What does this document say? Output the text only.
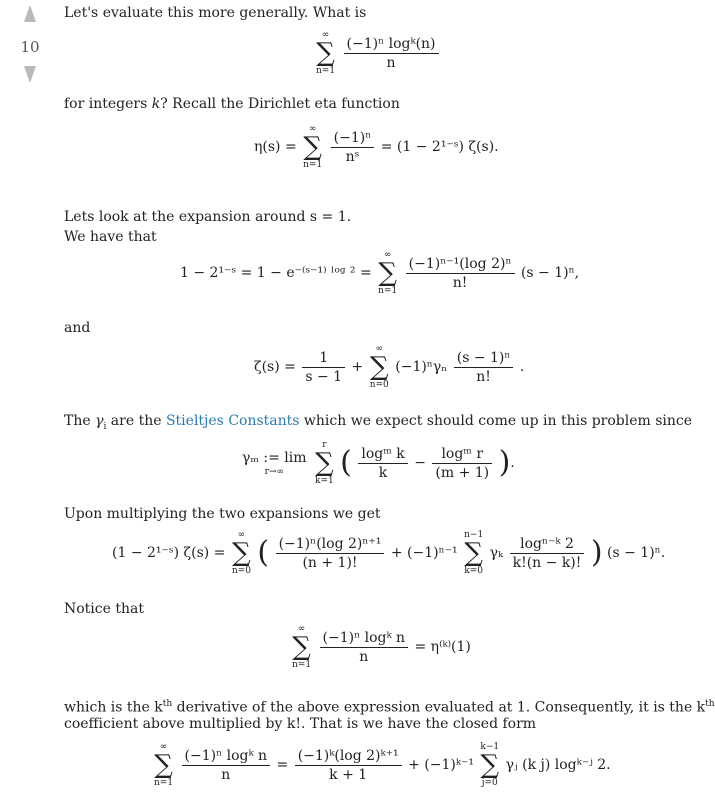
10
Let's evaluate this more generally. What is
∞
∑
n=1
$\frac{\text{(−1)ⁿ logᵏ(n)}}{n}$
for integers k? Recall the Dirichlet eta function
η(s) =
∞
∑
n=1
$\frac{\text{(−1)ⁿ}}{\text{nˢ}} = (1$ − 2¹⁻ˢ) ζ(s).
Lets look at the expansion around s = 1.
We have that
1 − 2¹⁻ˢ = 1 − e⁻⁽ˢ⁻¹⁾ ˡᵒᵍ ² =
∞
∑
n=1
$\frac{\text{(−1)ⁿ⁻¹(log 2)ⁿ}}{n!} (s - 1)^n$,
and
$\zeta(s) = \frac{1}{s - 1}$ +
∞
∑
n=0
$(-1)^n\gamma_n \frac{\text{(s − 1)ⁿ}}{n!}$ .
The $\gamma_i$ are the Stieltjes Constants which we expect should come up in this problem since
γₘ := lim
r→∞

r
∑
k=1
( $\frac{\text{logᵐ k}}{k} - \frac{\text{logᵐ r}}{(m + 1)}$ ).
Upon multiplying the two expansions we get
(1 − 2¹⁻ˢ) ζ(s) =
∞
∑
n=0
( $\frac{\text{(−1)ⁿ(log 2)ⁿ⁺¹}}{(n + 1)!} + (-1)^{n-1}$
n−1
∑
k=0
γₖ $\frac{\text{logⁿ⁻ᵏ 2}}{k!(n - k)!}$ ) (s − 1)ⁿ.
Notice that
∞
∑
n=1
$\frac{\text{(−1)ⁿ logᵏ n}}{n}$ = η⁽ᵏ⁾(1)
which is the $k^{th}$ derivative of the above expression evaluated at 1. Consequently, it is the $k^{th}$
coefficient above multiplied by k!. That is we have the closed form
∞
∑
n=1
$\frac{\text{(−1)ⁿ logᵏ n}}{n} = \frac{\text{(−1)ᵏ(log 2)ᵏ⁺¹}}{k + 1}$ + (−1)ᵏ⁻¹
k−1
∑
j=0
γⱼ (k j) logᵏ⁻ʲ 2.
